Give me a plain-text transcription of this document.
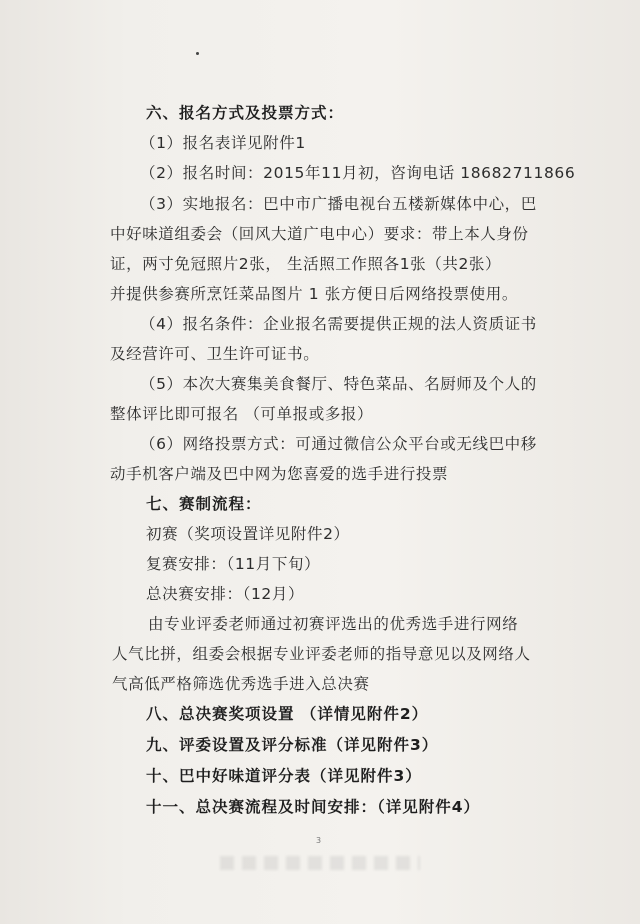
六、报名方式及投票方式：
（1）报名表详见附件1
（2）报名时间：2015年11月初，咨询电话 18682711866
（3）实地报名：巴中市广播电视台五楼新媒体中心，巴
中好味道组委会（回风大道广电中心）要求：带上本人身份
证，两寸免冠照片2张， 生活照工作照各1张（共2张）
并提供参赛所烹饪菜品图片 1 张方便日后网络投票使用。
（4）报名条件：企业报名需要提供正规的法人资质证书
及经营许可、卫生许可证书。
（5）本次大赛集美食餐厅、特色菜品、名厨师及个人的
整体评比即可报名 （可单报或多报）
（6）网络投票方式：可通过微信公众平台或无线巴中移
动手机客户端及巴中网为您喜爱的选手进行投票
七、赛制流程：
初赛（奖项设置详见附件2）
复赛安排：（11月下旬）
总决赛安排：（12月）
由专业评委老师通过初赛评选出的优秀选手进行网络
人气比拼，组委会根据专业评委老师的指导意见以及网络人
气高低严格筛选优秀选手进入总决赛
八、总决赛奖项设置 （详情见附件2）
九、评委设置及评分标准（详见附件3）
十、巴中好味道评分表（详见附件3）
十一、总决赛流程及时间安排：（详见附件4）
3
